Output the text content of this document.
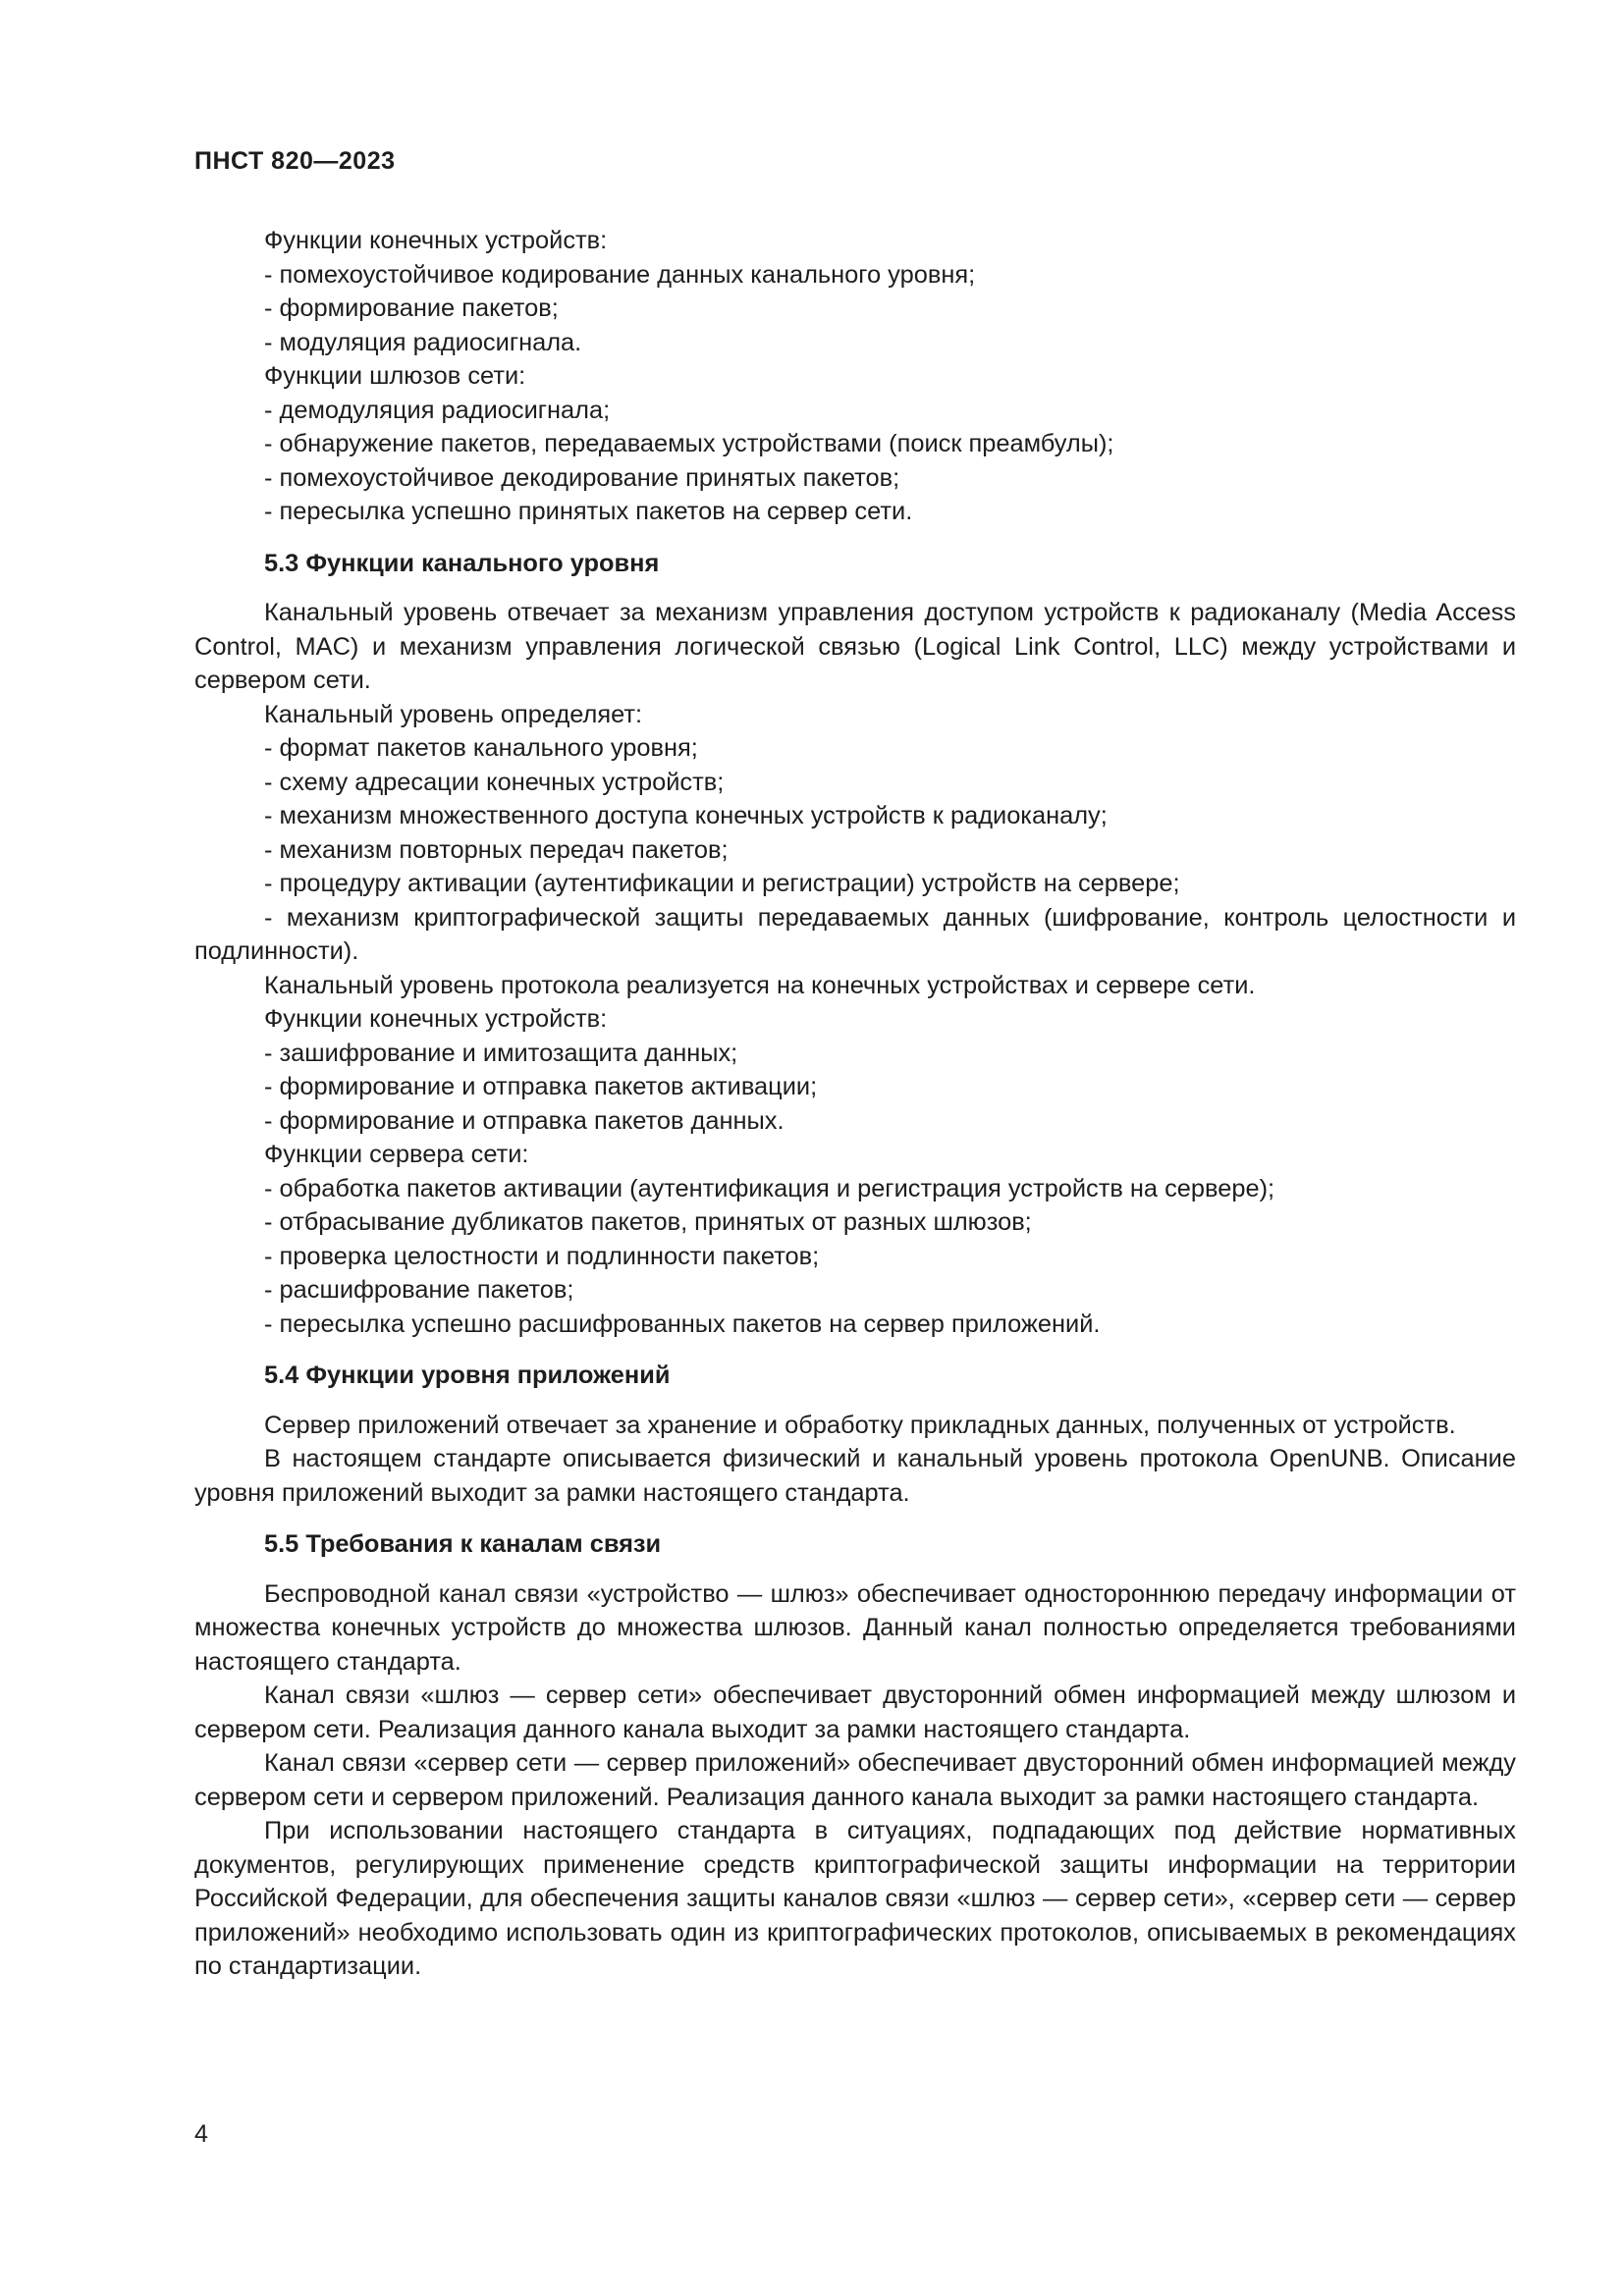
ПНСТ 820—2023

Функции конечных устройств:

- помехоустойчивое кодирование данных канального уровня;

- формирование пакетов;

- модуляция радиосигнала.

Функции шлюзов сети:

- демодуляция радиосигнала;

- обнаружение пакетов, передаваемых устройствами (поиск преамбулы);

- помехоустойчивое декодирование принятых пакетов;

- пересылка успешно принятых пакетов на сервер сети.

5.3 Функции канального уровня

Канальный уровень отвечает за механизм управления доступом устройств к радиоканалу (Media Access Control, MAC) и механизм управления логической связью (Logical Link Control, LLC) между устройствами и сервером сети.

Канальный уровень определяет:

- формат пакетов канального уровня;

- схему адресации конечных устройств;

- механизм множественного доступа конечных устройств к радиоканалу;

- механизм повторных передач пакетов;

- процедуру активации (аутентификации и регистрации) устройств на сервере;

- механизм криптографической защиты передаваемых данных (шифрование, контроль целостности и подлинности).

Канальный уровень протокола реализуется на конечных устройствах и сервере сети.

Функции конечных устройств:

- зашифрование и имитозащита данных;

- формирование и отправка пакетов активации;

- формирование и отправка пакетов данных.

Функции сервера сети:

- обработка пакетов активации (аутентификация и регистрация устройств на сервере);

- отбрасывание дубликатов пакетов, принятых от разных шлюзов;

- проверка целостности и подлинности пакетов;

- расшифрование пакетов;

- пересылка успешно расшифрованных пакетов на сервер приложений.

5.4 Функции уровня приложений

Сервер приложений отвечает за хранение и обработку прикладных данных, полученных от устройств.

В настоящем стандарте описывается физический и канальный уровень протокола OpenUNB. Описание уровня приложений выходит за рамки настоящего стандарта.

5.5 Требования к каналам связи

Беспроводной канал связи «устройство — шлюз» обеспечивает одностороннюю передачу информации от множества конечных устройств до множества шлюзов. Данный канал полностью определяется требованиями настоящего стандарта.

Канал связи «шлюз — сервер сети» обеспечивает двусторонний обмен информацией между шлюзом и сервером сети. Реализация данного канала выходит за рамки настоящего стандарта.

Канал связи «сервер сети — сервер приложений» обеспечивает двусторонний обмен информацией между сервером сети и сервером приложений. Реализация данного канала выходит за рамки настоящего стандарта.

При использовании настоящего стандарта в ситуациях, подпадающих под действие нормативных документов, регулирующих применение средств криптографической защиты информации на территории Российской Федерации, для обеспечения защиты каналов связи «шлюз — сервер сети», «сервер сети — сервер приложений» необходимо использовать один из криптографических протоколов, описываемых в рекомендациях по стандартизации.

4
